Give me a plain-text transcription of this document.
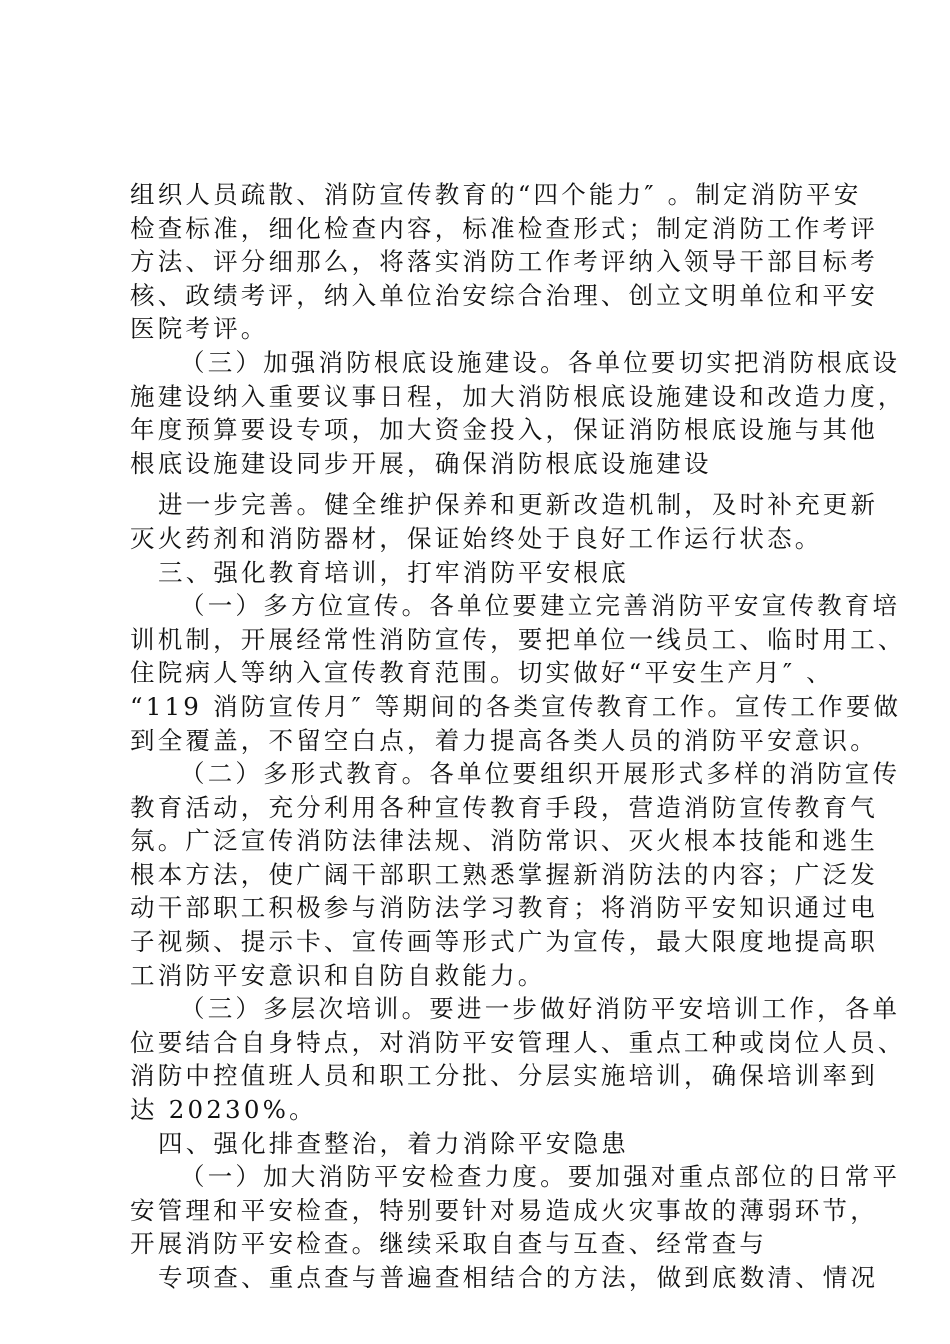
组织人员疏散、消防宣传教育的“四个能力″ 。制定消防平安
检查标准，细化检查内容，标准检查形式；制定消防工作考评
方法、评分细那么，将落实消防工作考评纳入领导干部目标考
核、政绩考评，纳入单位治安综合治理、创立文明单位和平安
医院考评。
（三）加强消防根底设施建设。各单位要切实把消防根底设
施建设纳入重要议事日程，加大消防根底设施建设和改造力度，
年度预算要设专项，加大资金投入，保证消防根底设施与其他
根底设施建设同步开展，确保消防根底设施建设
进一步完善。健全维护保养和更新改造机制，及时补充更新
灭火药剂和消防器材，保证始终处于良好工作运行状态。
三、强化教育培训，打牢消防平安根底
（一）多方位宣传。各单位要建立完善消防平安宣传教育培
训机制，开展经常性消防宣传，要把单位一线员工、临时用工、
住院病人等纳入宣传教育范围。切实做好“平安生产月″ 、
“119 消防宣传月″ 等期间的各类宣传教育工作。宣传工作要做
到全覆盖，不留空白点，着力提高各类人员的消防平安意识。
（二）多形式教育。各单位要组织开展形式多样的消防宣传
教育活动，充分利用各种宣传教育手段，营造消防宣传教育气
氛。广泛宣传消防法律法规、消防常识、灭火根本技能和逃生
根本方法，使广阔干部职工熟悉掌握新消防法的内容；广泛发
动干部职工积极参与消防法学习教育；将消防平安知识通过电
子视频、提示卡、宣传画等形式广为宣传，最大限度地提高职
工消防平安意识和自防自救能力。
（三）多层次培训。要进一步做好消防平安培训工作，各单
位要结合自身特点，对消防平安管理人、重点工种或岗位人员、
消防中控值班人员和职工分批、分层实施培训，确保培训率到
达 20230%。
四、强化排查整治，着力消除平安隐患
（一）加大消防平安检查力度。要加强对重点部位的日常平
安管理和平安检查，特别要针对易造成火灾事故的薄弱环节，
开展消防平安检查。继续采取自查与互查、经常查与
专项查、重点查与普遍查相结合的方法，做到底数清、情况
